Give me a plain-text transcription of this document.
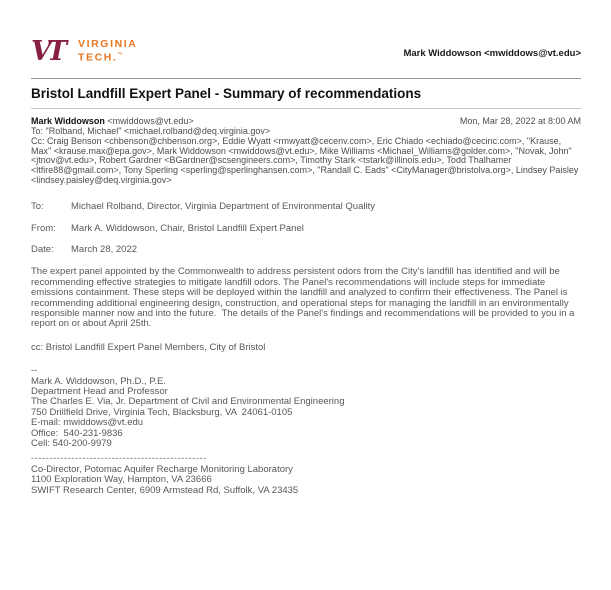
VT	VIRGINIA
TECH.™	Mark Widdowson <mwiddows@vt.edu>
Bristol Landfill Expert Panel - Summary of recommendations
Mark Widdowson <mwiddows@vt.edu>	Mon, Mar 28, 2022 at 8:00 AM
To: "Rolband, Michael" <michael.rolband@deq.virginia.gov>
Cc: Craig Benson <chbenson@chbenson.org>, Eddie Wyatt <rmwyatt@cecenv.com>, Eric Chiado <echiado@cecinc.com>, "Krause, Max" <krause.max@epa.gov>, Mark Widdowson <mwiddows@vt.edu>, Mike Williams <Michael_Williams@golder.com>, "Novak, John" <jtnov@vt.edu>, Robert Gardner <BGardner@scsengineers.com>, Timothy Stark <tstark@illinois.edu>, Todd Thalhamer <ltfire88@gmail.com>, Tony Sperling <sperling@sperlinghansen.com>, "Randall C. Eads" <CityManager@bristolva.org>, Lindsey Paisley <lindsey.paisley@deq.virginia.gov>
To:	Michael Rolband, Director, Virginia Department of Environmental Quality
From:	Mark A. Widdowson, Chair, Bristol Landfill Expert Panel
Date:	March 28, 2022

The expert panel appointed by the Commonwealth to address persistent odors from the City's landfill has identified and will be recommending effective strategies to mitigate landfill odors. The Panel's recommendations will include steps for immediate emissions containment. These steps will be deployed within the landfill and analyzed to confirm their effectiveness. The Panel is recommending additional engineering design, construction, and operational steps for managing the landfill in an environmentally responsible manner now and into the future.  The details of the Panel's findings and recommendations will be provided to you in a report on or about April 25th.

cc: Bristol Landfill Expert Panel Members, City of Bristol
--
Mark A. Widdowson, Ph.D., P.E.
Department Head and Professor
The Charles E. Via, Jr. Department of Civil and Environmental Engineering
750 Drillfield Drive, Virginia Tech, Blacksburg, VA  24061-0105
E-mail: mwiddows@vt.edu
Office:  540-231-9836
Cell: 540-200-9979
------------------------------------------------
Co-Director, Potomac Aquifer Recharge Monitoring Laboratory
1100 Exploration Way, Hampton, VA 23666
SWIFT Research Center, 6909 Armstead Rd, Suffolk, VA 23435
